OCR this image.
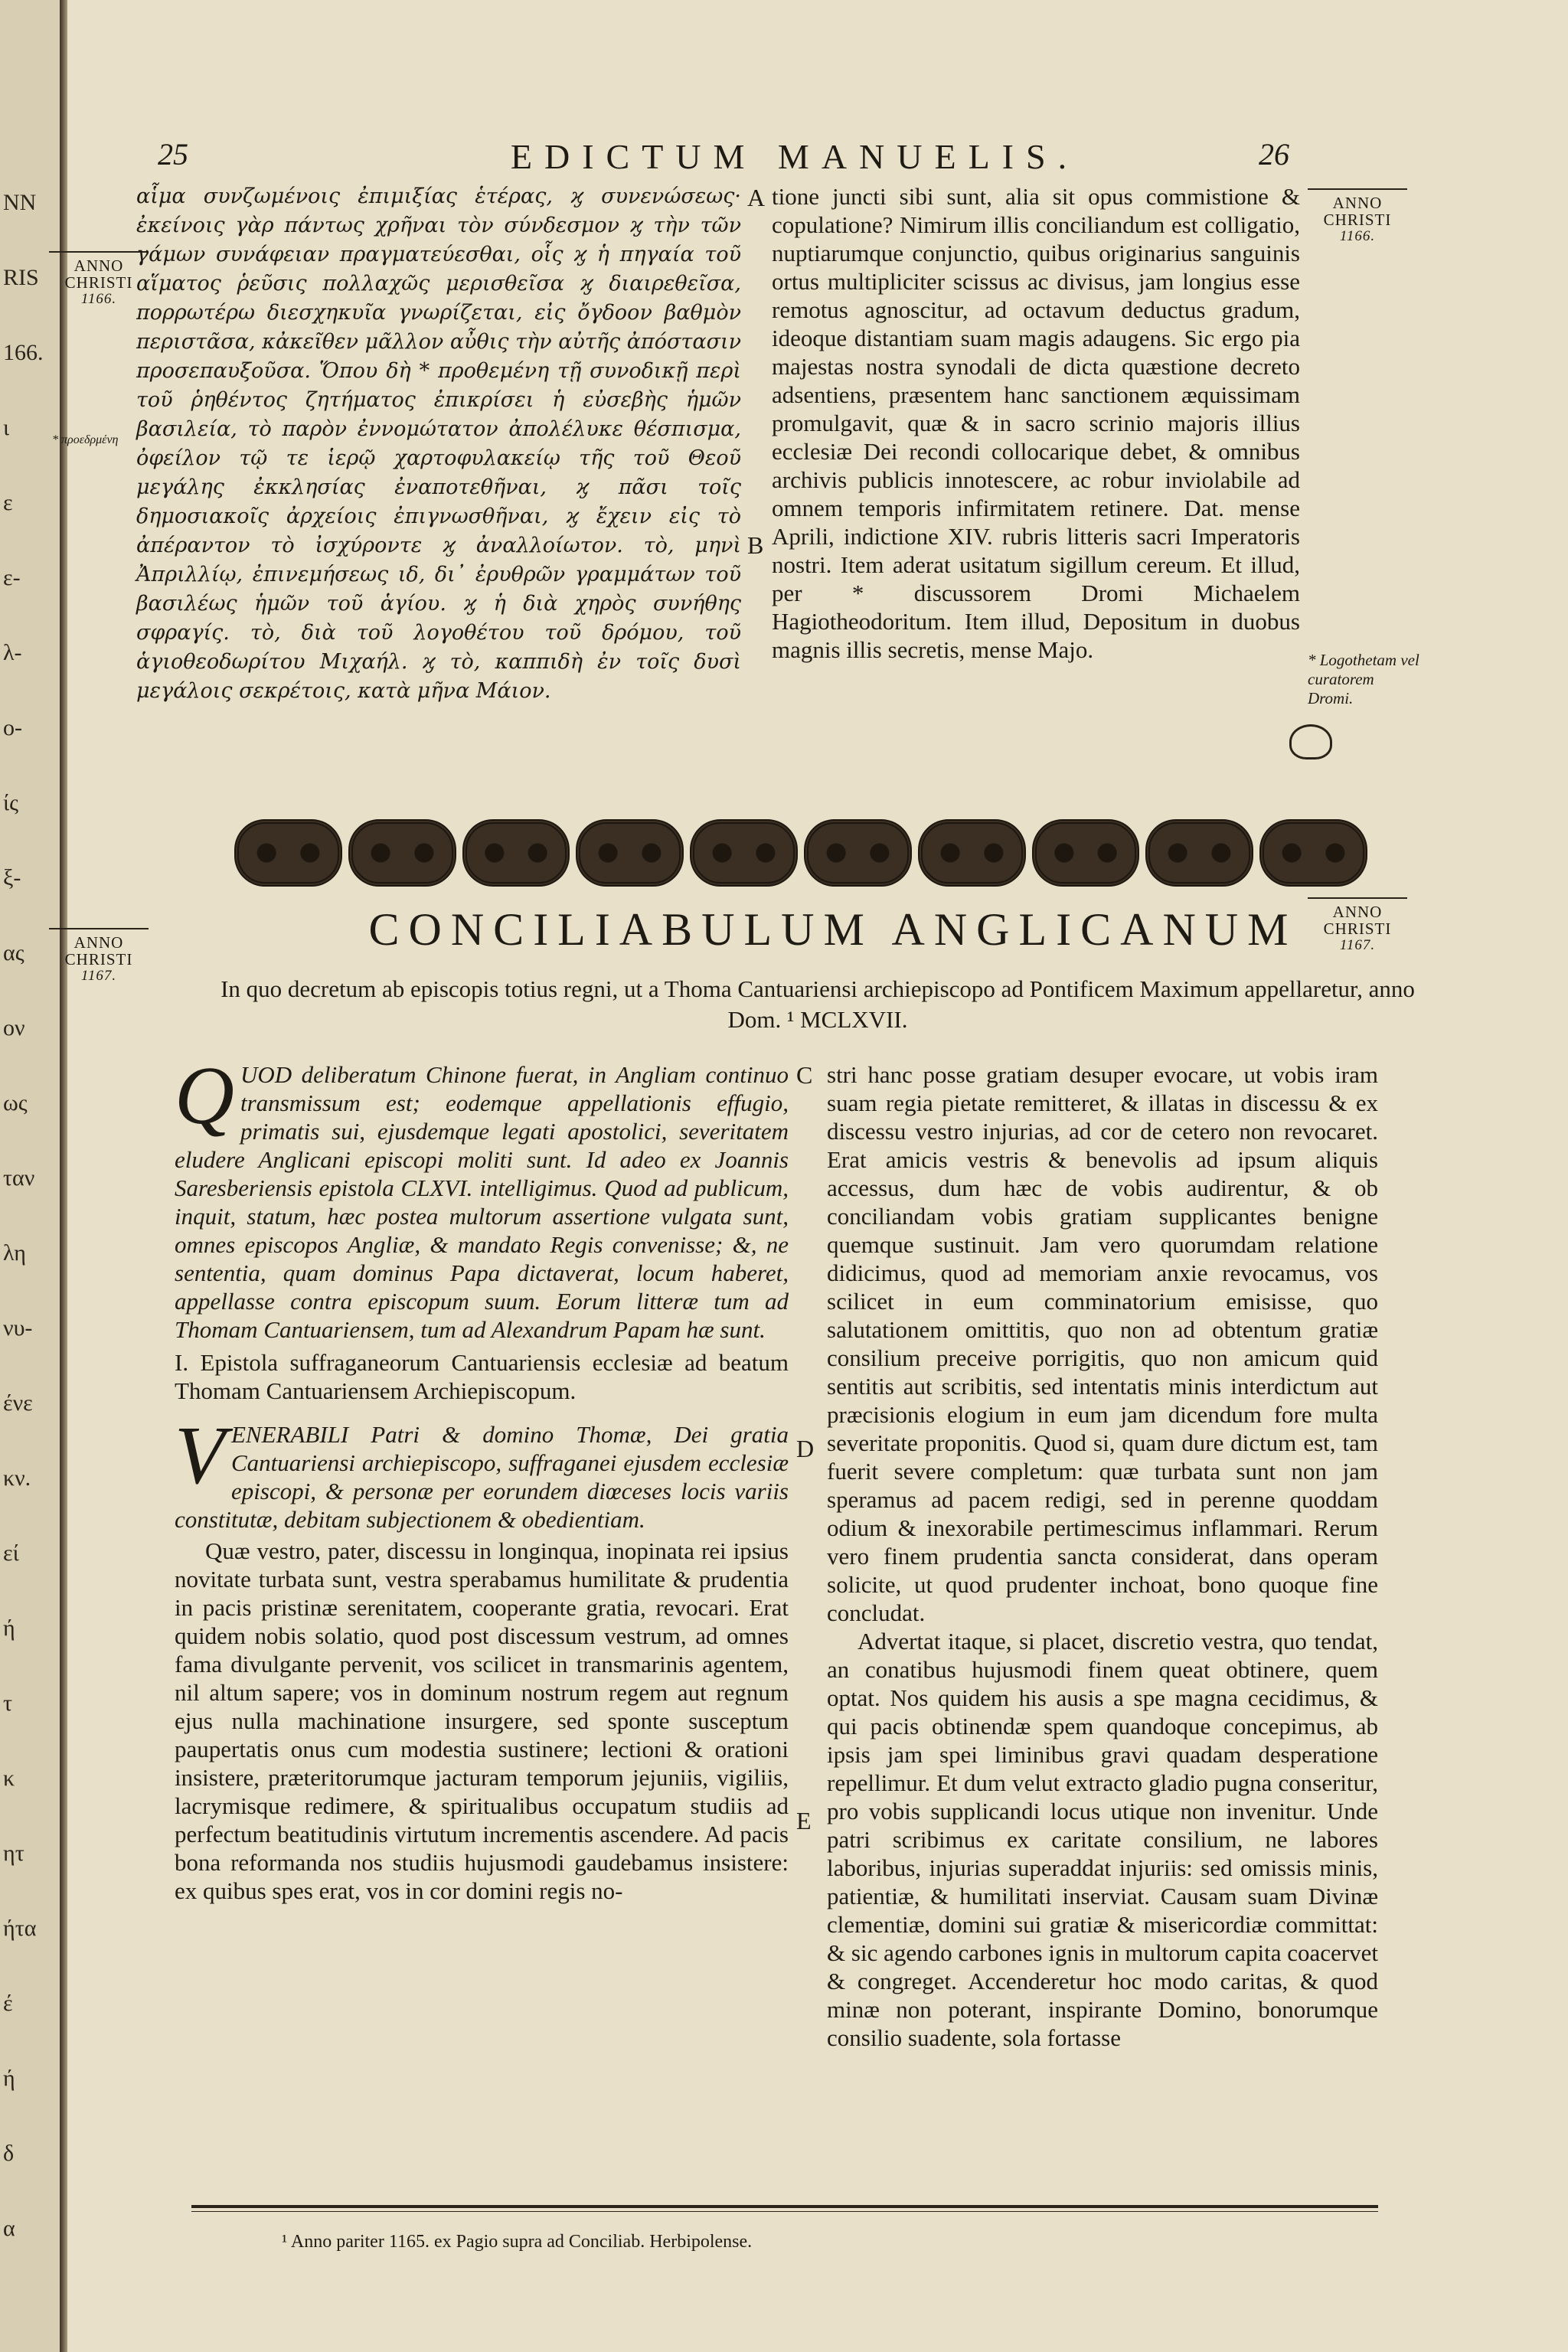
NN
RIS
166.
ι
ε
ε-
λ-
ο-
ίς
ξ-
ας
ον
ως
ταν
λη
νυ-
ένε
κν.
εί
ή
τ
κ
ητ
ήτα
έ
ή
δ
α
25	EDICTUM MANUELIS.	26
ANNO
CHRISTI
1166.
ANNO
CHRISTI
1166.
* προεδρμένη
* Logothetam vel curatorem Dromi.

αἷμα συνζωμένοις ἐπιμιξίας ἑτέρας, ϗ συνενώσεως· ἐκείνοις γὰρ πάντως χρῆναι τὸν σύνδεσμον ϗ τὴν τῶν γάμων συνάφειαν πραγματεύεσθαι, οἷς ϗ ἡ πηγαία τοῦ αἵματος ῥεῦσις πολλαχῶς μερισθεῖσα ϗ διαιρεθεῖσα, πορρωτέρω διεσχηκυῖα γνωρίζεται, εἰς ὄγδοον βαθμὸν περιστᾶσα, κἀκεῖθεν μᾶλλον αὖθις τὴν αὐτῆς ἀπόστασιν προσεπαυξοῦσα. Ὅπου δὴ * προθεμένη τῇ συνοδικῇ περὶ τοῦ ῥηθέντος ζητήματος ἐπικρίσει ἡ εὐσεβὴς ἡμῶν βασιλεία, τὸ παρὸν ἐννομώτατον ἀπολέλυκε θέσπισμα, ὀφείλον τῷ τε ἱερῷ χαρτοφυλακείῳ τῆς τοῦ Θεοῦ μεγάλης ἐκκλησίας ἐναποτεθῆναι, ϗ πᾶσι τοῖς δημοσιακοῖς ἀρχείοις ἐπιγνωσθῆναι, ϗ ἔχειν εἰς τὸ ἀπέραντον τὸ ἰσχύροντε ϗ ἀναλλοίωτον. τὸ, μηνὶ Ἀπριλλίῳ, ἐπινεμήσεως ιδ, δι᾽ ἐρυθρῶν γραμμάτων τοῦ βασιλέως ἡμῶν τοῦ ἁγίου. ϗ ἡ διὰ χηρὸς συνήθης σφραγίς. τὸ, διὰ τοῦ λογοθέτου τοῦ δρόμου, τοῦ ἁγιοθεοδωρίτου Μιχαήλ. ϗ τὸ, καππιδὴ ἐν τοῖς δυσὶ μεγάλοις σεκρέτοις, κατὰ μῆνα Μάιον.

tione juncti sibi sunt, alia sit opus commistione & copulatione? Nimirum illis conciliandum est colligatio, nuptiarumque conjunctio, quibus originarius sanguinis ortus multipliciter scissus ac divisus, jam longius esse remotus agnoscitur, ad octavum deductus gradum, ideoque distantiam suam magis adaugens. Sic ergo pia majestas nostra synodali de dicta quæstione decreto adsentiens, præsentem hanc sanctionem æquissimam promulgavit, quæ & in sacro scrinio majoris illius ecclesiæ Dei recondi collocarique debet, & omnibus archivis publicis innotescere, ac robur inviolabile ad omnem temporis infirmitatem retinere. Dat. mense Aprili, indictione XIV. rubris litteris sacri Imperatoris nostri. Item aderat usitatum sigillum cereum. Et illud, per * discussorem Dromi Michaelem Hagiotheodoritum. Item illud, Depositum in duobus magnis illis secretis, mense Majo.

A
B
ANNO
CHRISTI
1167.
ANNO
CHRISTI
1167.
CONCILIABULUM ANGLICANUM
In quo decretum ab episcopis totius regni, ut a Thoma Cantuariensi archiepiscopo ad Pontificem Maximum appellaretur, anno Dom. ¹ MCLXVII.

QUOD deliberatum Chinone fuerat, in Angliam continuo transmissum est; eodemque appellationis effugio, primatis sui, ejusdemque legati apostolici, severitatem eludere Anglicani episcopi moliti sunt. Id adeo ex Joannis Saresberiensis epistola CLXVI. intelligimus. Quod ad publicum, inquit, statum, hæc postea multorum assertione vulgata sunt, omnes episcopos Angliæ, & mandato Regis convenisse; &, ne sententia, quam dominus Papa dictaverat, locum haberet, appellasse contra episcopum suum. Eorum litteræ tum ad Thomam Cantuariensem, tum ad Alexandrum Papam hæ sunt.

I. Epistola suffraganeorum Cantuariensis ecclesiæ ad beatum Thomam Cantuariensem Archiepiscopum.

VENERABILI Patri & domino Thomæ, Dei gratia Cantuariensi archiepiscopo, suffraganei ejusdem ecclesiæ episcopi, & personæ per eorundem diœceses locis variis constitutæ, debitam subjectionem & obedientiam.

Quæ vestro, pater, discessu in longinqua, inopinata rei ipsius novitate turbata sunt, vestra sperabamus humilitate & prudentia in pacis pristinæ serenitatem, cooperante gratia, revocari. Erat quidem nobis solatio, quod post discessum vestrum, ad omnes fama divulgante pervenit, vos scilicet in transmarinis agentem, nil altum sapere; vos in dominum nostrum regem aut regnum ejus nulla machinatione insurgere, sed sponte susceptum paupertatis onus cum modestia sustinere; lectioni & orationi insistere, præteritorumque jacturam temporum jejuniis, vigiliis, lacrymisque redimere, & spiritualibus occupatum studiis ad perfectum beatitudinis virtutum incrementis ascendere. Ad pacis bona reformanda nos studiis hujusmodi gaudebamus insistere: ex quibus spes erat, vos in cor domini regis no-

stri hanc posse gratiam desuper evocare, ut vobis iram suam regia pietate remitteret, & illatas in discessu & ex discessu vestro injurias, ad cor de cetero non revocaret. Erat amicis vestris & benevolis ad ipsum aliquis accessus, dum hæc de vobis audirentur, & ob conciliandam vobis gratiam supplicantes benigne quemque sustinuit. Jam vero quorumdam relatione didicimus, quod ad memoriam anxie revocamus, vos scilicet in eum comminatorium emisisse, quo salutationem omittitis, quo non ad obtentum gratiæ consilium preceive porrigitis, quo non amicum quid sentitis aut scribitis, sed intentatis minis interdictum aut præcisionis elogium in eum jam dicendum fore multa severitate proponitis. Quod si, quam dure dictum est, tam fuerit severe completum: quæ turbata sunt non jam speramus ad pacem redigi, sed in perenne quoddam odium & inexorabile pertimescimus inflammari. Rerum vero finem prudentia sancta considerat, dans operam solicite, ut quod prudenter inchoat, bono quoque fine concludat.

Advertat itaque, si placet, discretio vestra, quo tendat, an conatibus hujusmodi finem queat obtinere, quem optat. Nos quidem his ausis a spe magna cecidimus, & qui pacis obtinendæ spem quandoque concepimus, ab ipsis jam spei liminibus gravi quadam desperatione repellimur. Et dum velut extracto gladio pugna conseritur, pro vobis supplicandi locus utique non invenitur. Unde patri scribimus ex caritate consilium, ne labores laboribus, injurias superaddat injuriis: sed omissis minis, patientiæ, & humilitati inserviat. Causam suam Divinæ clementiæ, domini sui gratiæ & misericordiæ committat: & sic agendo carbones ignis in multorum capita coacervet & congreget. Accenderetur hoc modo caritas, & quod minæ non poterant, inspirante Domino, bonorumque consilio suadente, sola fortasse

C
D
E
¹ Anno pariter 1165. ex Pagio supra ad Conciliab. Herbipolense.
